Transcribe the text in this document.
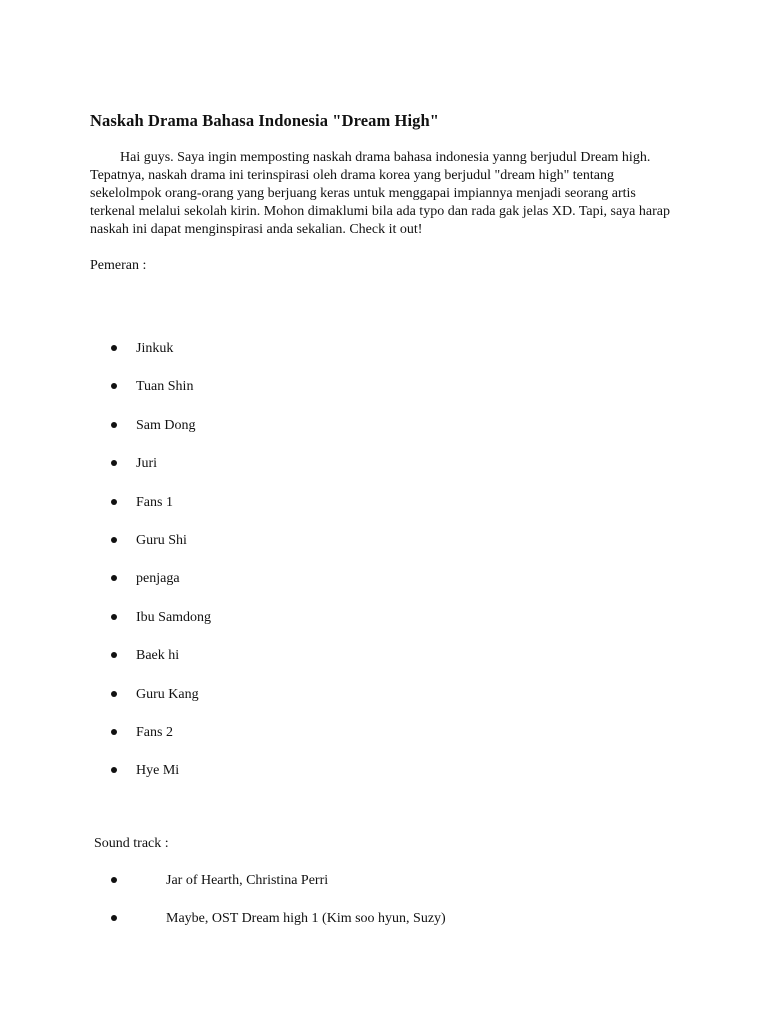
Naskah Drama Bahasa Indonesia "Dream High"

Hai guys. Saya ingin memposting naskah drama bahasa indonesia yanng berjudul Dream high. Tepatnya, naskah drama ini terinspirasi oleh drama korea yang berjudul "dream high" tentang sekelolmpok orang-orang yang berjuang keras untuk menggapai impiannya menjadi seorang artis terkenal melalui sekolah kirin. Mohon dimaklumi bila ada typo dan rada gak jelas XD. Tapi, saya harap naskah ini dapat menginspirasi anda sekalian. Check it out!

Pemeran :

Jinkuk
Tuan Shin
Sam Dong
Juri
Fans 1
Guru Shi
penjaga
Ibu Samdong
Baek hi
Guru Kang
Fans 2
Hye Mi

Sound track :

Jar of Hearth, Christina Perri
Maybe, OST Dream high 1 (Kim soo hyun, Suzy)
